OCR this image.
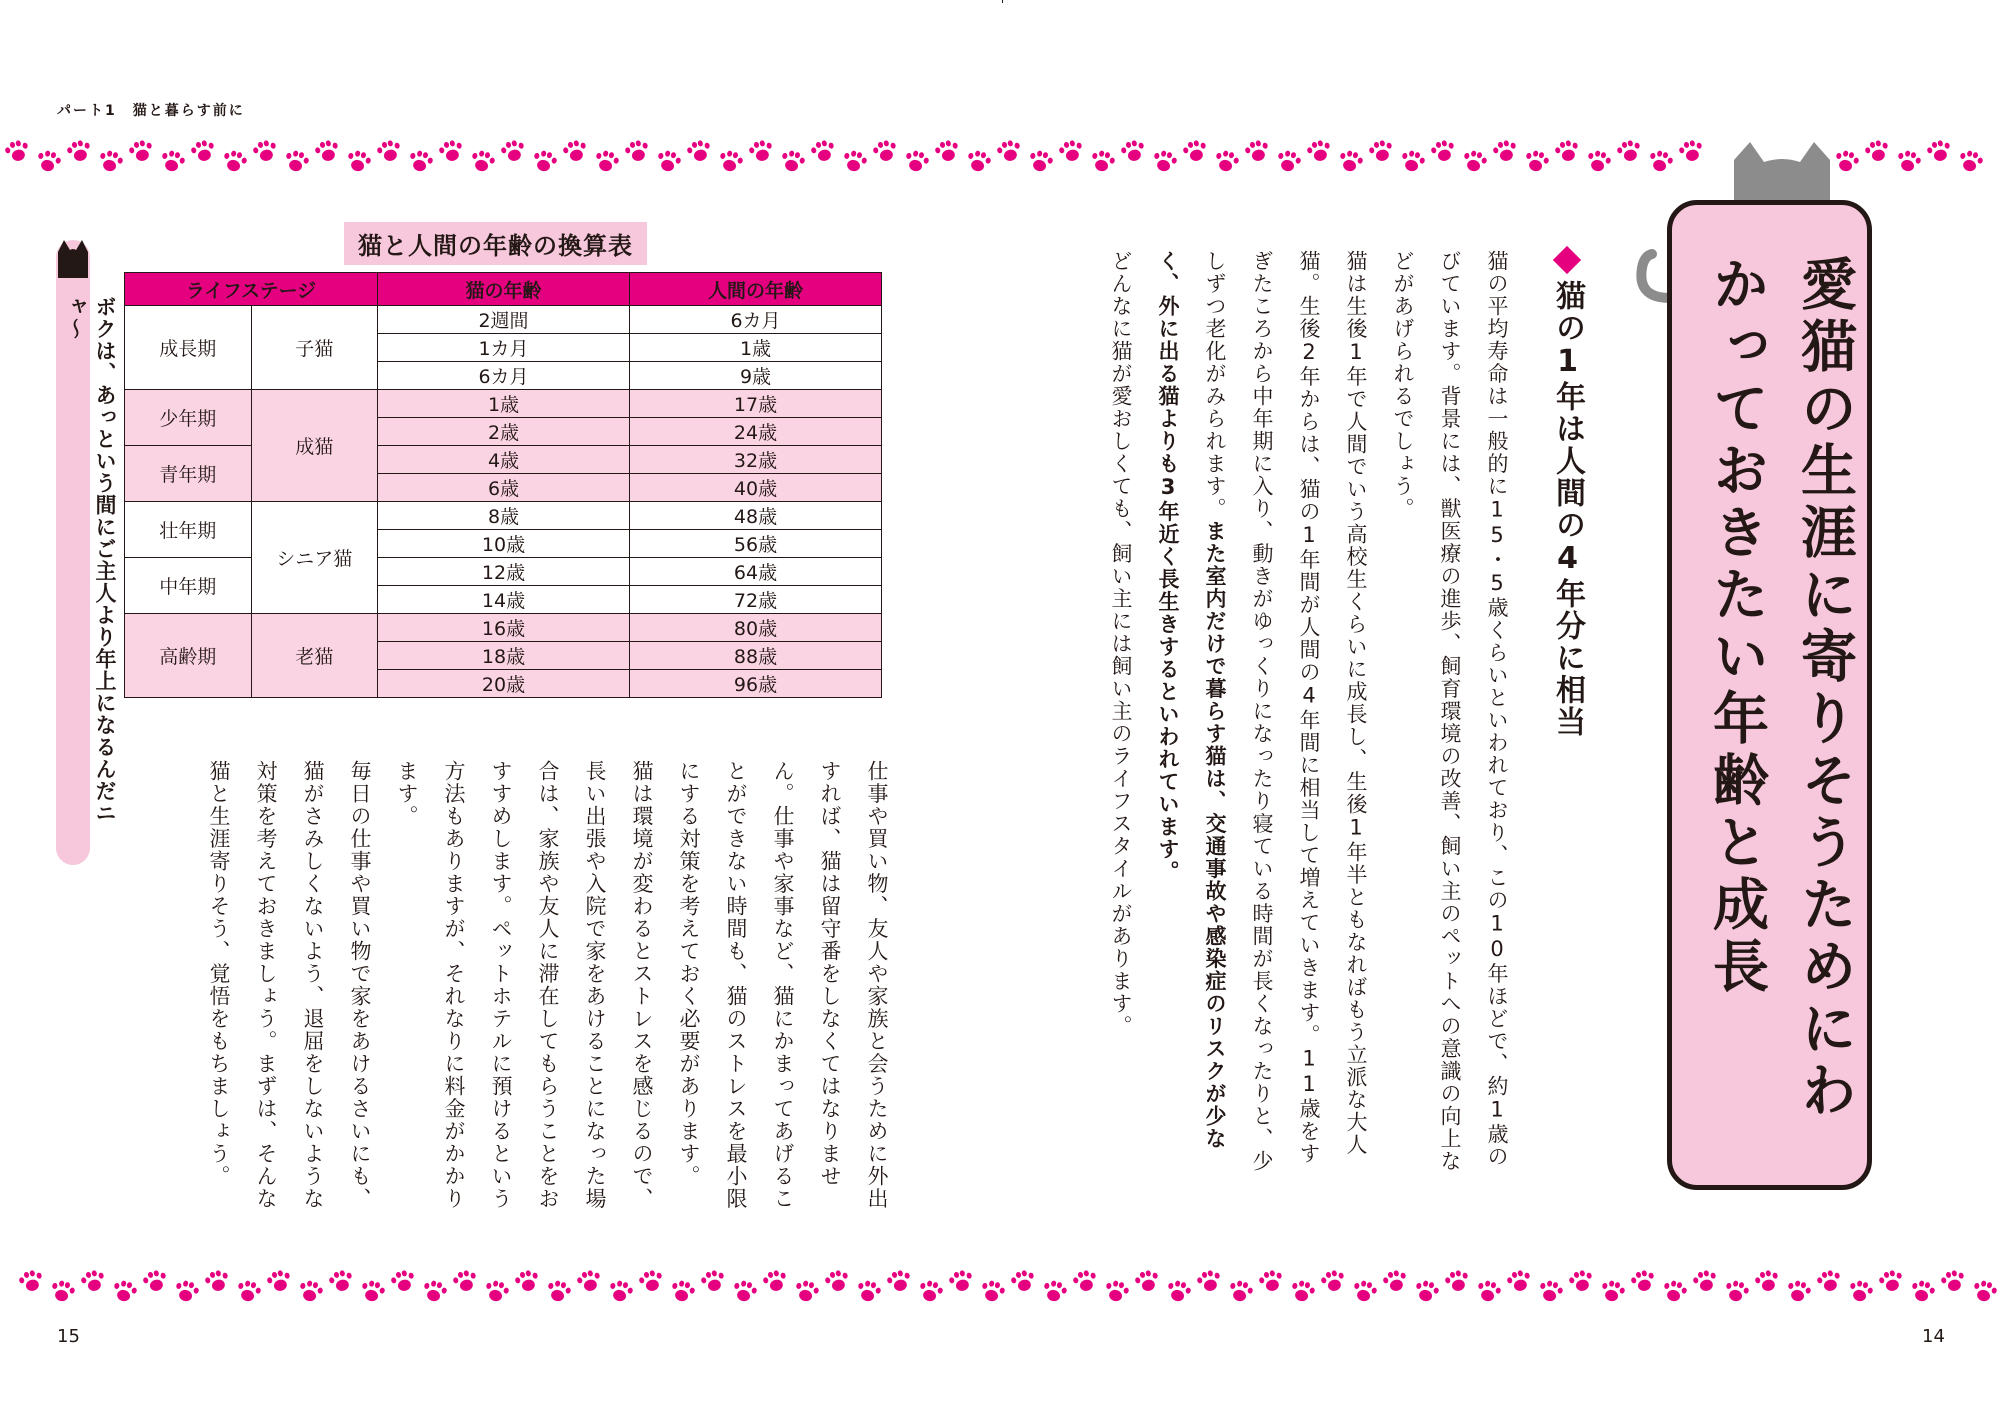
パート1　猫と暮らす前に
15	14
愛猫の生涯に寄りそうためにわかっておきたい年齢と成長
猫の1年は人間の4年分に相当
猫の平均寿命は一般的に15・5歳くらいといわれており、この10年ほどで、約1歳のびています。背景には、獣医療の進歩、飼育環境の改善、飼い主のペットへの意識の向上などがあげられるでしょう。
猫は生後1年で人間でいう高校生くらいに成長し、生後1年半ともなればもう立派な大人猫。生後2年からは、猫の1年間が人間の4年間に相当して増えていきます。11歳をすぎたころから中年期に入り、動きがゆっくりになったり寝ている時間が長くなったりと、少しずつ老化がみられます。また室内だけで暮らす猫は、交通事故や感染症のリスクが少なく、外に出る猫よりも3年近く長生きするといわれています。
どんなに猫が愛おしくても、飼い主には飼い主のライフスタイルがあります。
猫と人間の年齢の換算表
ライフステージ		猫の年齢	人間の年齢
成長期	子猫	2週間	6カ月
		1カ月	1歳
		6カ月	9歳
少年期	成猫	1歳	17歳
		2歳	24歳
青年期		4歳	32歳
		6歳	40歳
壮年期	シニア猫	8歳	48歳
		10歳	56歳
中年期		12歳	64歳
		14歳	72歳
高齢期	老猫	16歳	80歳
		18歳	88歳
		20歳	96歳
仕事や買い物、友人や家族と会うために外出すれば、猫は留守番をしなくてはなりません。仕事や家事など、猫にかまってあげることができない時間も、猫のストレスを最小限にする対策を考えておく必要があります。
猫は環境が変わるとストレスを感じるので、長い出張や入院で家をあけることになった場合は、家族や友人に滞在してもらうことをおすすめします。ペットホテルに預けるという方法もありますが、それなりに料金がかかります。
毎日の仕事や買い物で家をあけるさいにも、猫がさみしくないよう、退屈をしないような対策を考えておきましょう。まずは、そんな猫と生涯寄りそう、覚悟をもちましょう。
ボクは、あっという間にご主人より年上になるんだニャ〜
